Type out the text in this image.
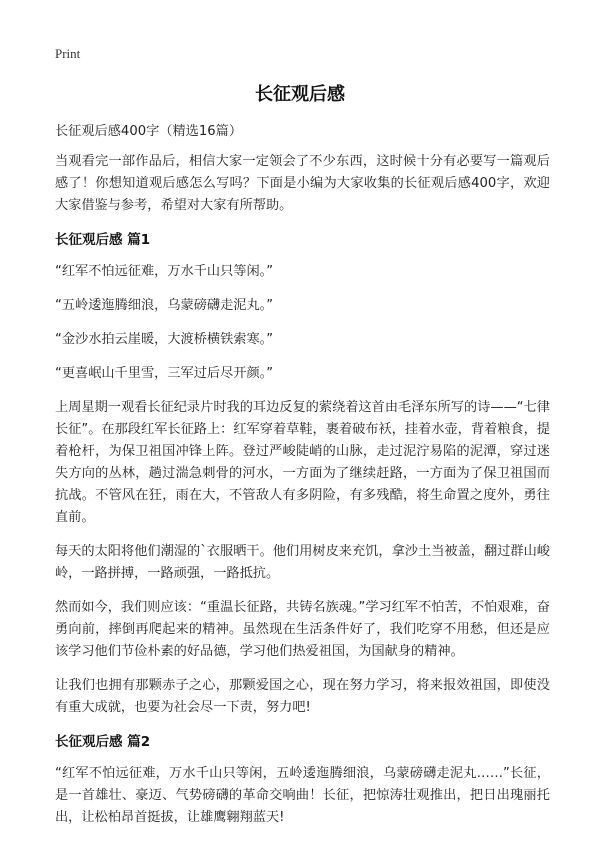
Print
长征观后感

长征观后感400字（精选16篇）

当观看完一部作品后，相信大家一定领会了不少东西，这时候十分有必要写一篇观后感了！你想知道观后感怎么写吗？下面是小编为大家收集的长征观后感400字，欢迎大家借鉴与参考，希望对大家有所帮助。

长征观后感 篇1

“红军不怕远征难，万水千山只等闲。”

“五岭逶迤腾细浪，乌蒙磅礴走泥丸。”

“金沙水拍云崖暖，大渡桥横铁索寒。”

“更喜岷山千里雪，三军过后尽开颜。”

上周星期一观看长征纪录片时我的耳边反复的萦绕着这首由毛泽东所写的诗——“七律长征”。在那段红军长征路上：红军穿着草鞋，裹着破布袄，挂着水壶，背着粮食，提着枪杆，为保卫祖国冲锋上阵。登过严峻陡峭的山脉，走过泥泞易陷的泥潭，穿过迷失方向的丛林，趟过湍急刺骨的河水，一方面为了继续赶路，一方面为了保卫祖国而抗战。不管风在狂，雨在大，不管敌人有多阴险，有多残酷，将生命置之度外，勇往直前。

每天的太阳将他们潮湿的`衣服晒干。他们用树皮来充饥，拿沙土当被盖，翻过群山峻岭，一路拼搏，一路顽强，一路抵抗。

然而如今，我们则应该：“重温长征路，共铸名族魂。”学习红军不怕苦，不怕艰难，奋勇向前，摔倒再爬起来的精神。虽然现在生活条件好了，我们吃穿不用愁，但还是应该学习他们节俭朴素的好品德，学习他们热爱祖国，为国献身的精神。

让我们也拥有那颗赤子之心，那颗爱国之心，现在努力学习，将来报效祖国，即使没有重大成就，也要为社会尽一下责，努力吧!

长征观后感 篇2

“红军不怕远征难，万水千山只等闲，五岭逶迤腾细浪，乌蒙磅礴走泥丸……”长征，是一首雄壮、豪迈、气势磅礴的革命交响曲！长征，把惊涛壮观推出，把日出瑰丽托出，让松柏昂首挺拔，让雄鹰翱翔蓝天!
